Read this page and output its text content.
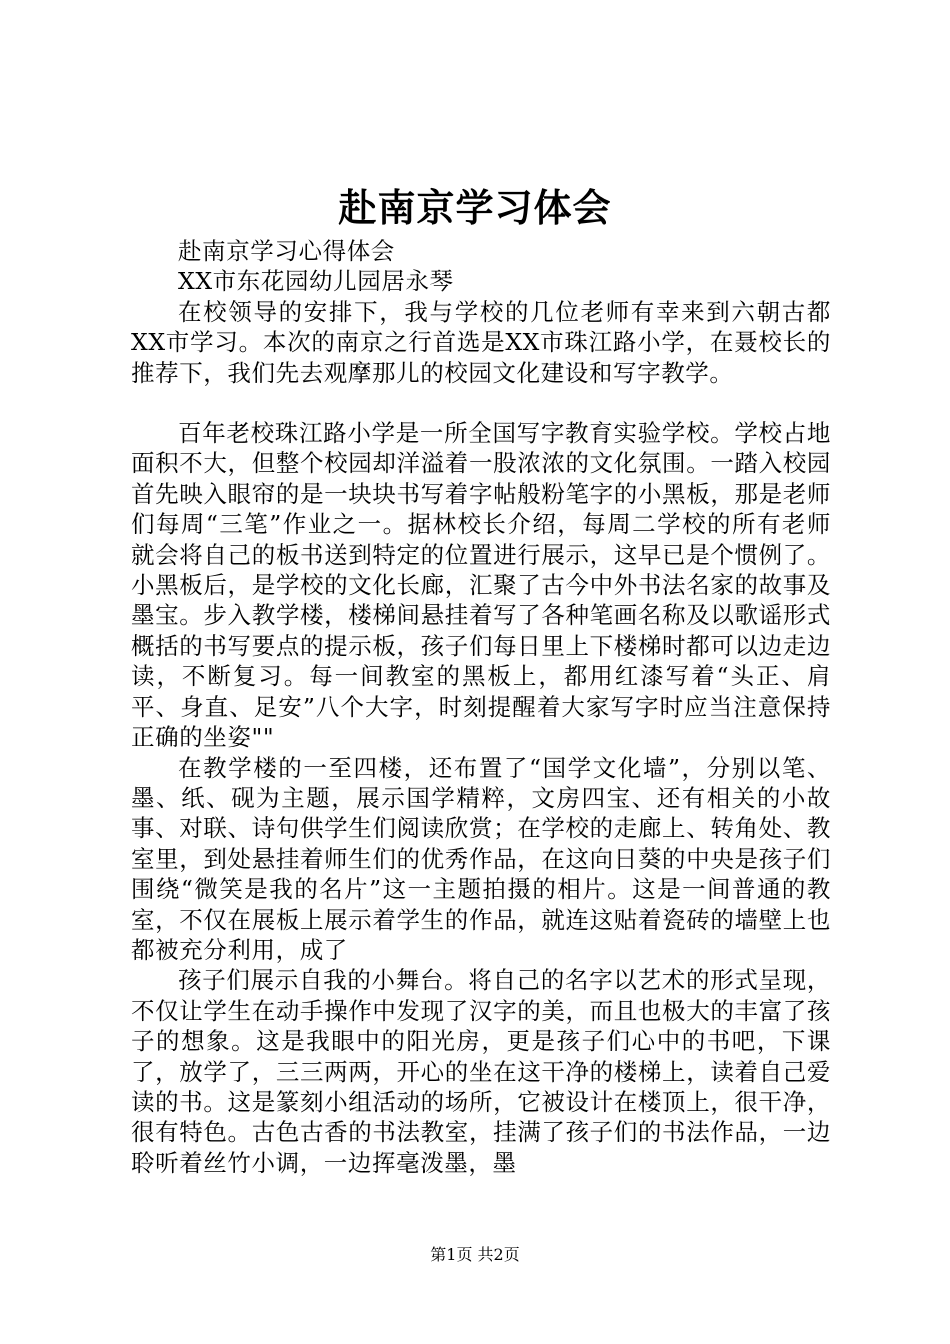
赴南京学习体会

赴南京学习心得体会

XX市东花园幼儿园居永琴

在校领导的安排下，我与学校的几位老师有幸来到六朝古都XX市学习。本次的南京之行首选是XX市珠江路小学，在聂校长的推荐下，我们先去观摩那儿的校园文化建设和写字教学。

百年老校珠江路小学是一所全国写字教育实验学校。学校占地面积不大，但整个校园却洋溢着一股浓浓的文化氛围。一踏入校园首先映入眼帘的是一块块书写着字帖般粉笔字的小黑板，那是老师们每周“三笔”作业之一。据林校长介绍，每周二学校的所有老师就会将自己的板书送到特定的位置进行展示，这早已是个惯例了。小黑板后，是学校的文化长廊，汇聚了古今中外书法名家的故事及墨宝。步入教学楼，楼梯间悬挂着写了各种笔画名称及以歌谣形式概括的书写要点的提示板，孩子们每日里上下楼梯时都可以边走边读，不断复习。每一间教室的黑板上，都用红漆写着“头正、肩平、身直、足安”八个大字，时刻提醒着大家写字时应当注意保持正确的坐姿""

在教学楼的一至四楼，还布置了“国学文化墙”，分别以笔、墨、纸、砚为主题，展示国学精粹，文房四宝、还有相关的小故事、对联、诗句供学生们阅读欣赏；在学校的走廊上、转角处、教室里，到处悬挂着师生们的优秀作品，在这向日葵的中央是孩子们围绕“微笑是我的名片”这一主题拍摄的相片。这是一间普通的教室，不仅在展板上展示着学生的作品，就连这贴着瓷砖的墙壁上也都被充分利用，成了

孩子们展示自我的小舞台。将自己的名字以艺术的形式呈现，不仅让学生在动手操作中发现了汉字的美，而且也极大的丰富了孩子的想象。这是我眼中的阳光房，更是孩子们心中的书吧，下课了，放学了，三三两两，开心的坐在这干净的楼梯上，读着自己爱读的书。这是篆刻小组活动的场所，它被设计在楼顶上，很干净，很有特色。古色古香的书法教室，挂满了孩子们的书法作品，一边聆听着丝竹小调，一边挥毫泼墨，墨

第1页 共2页
